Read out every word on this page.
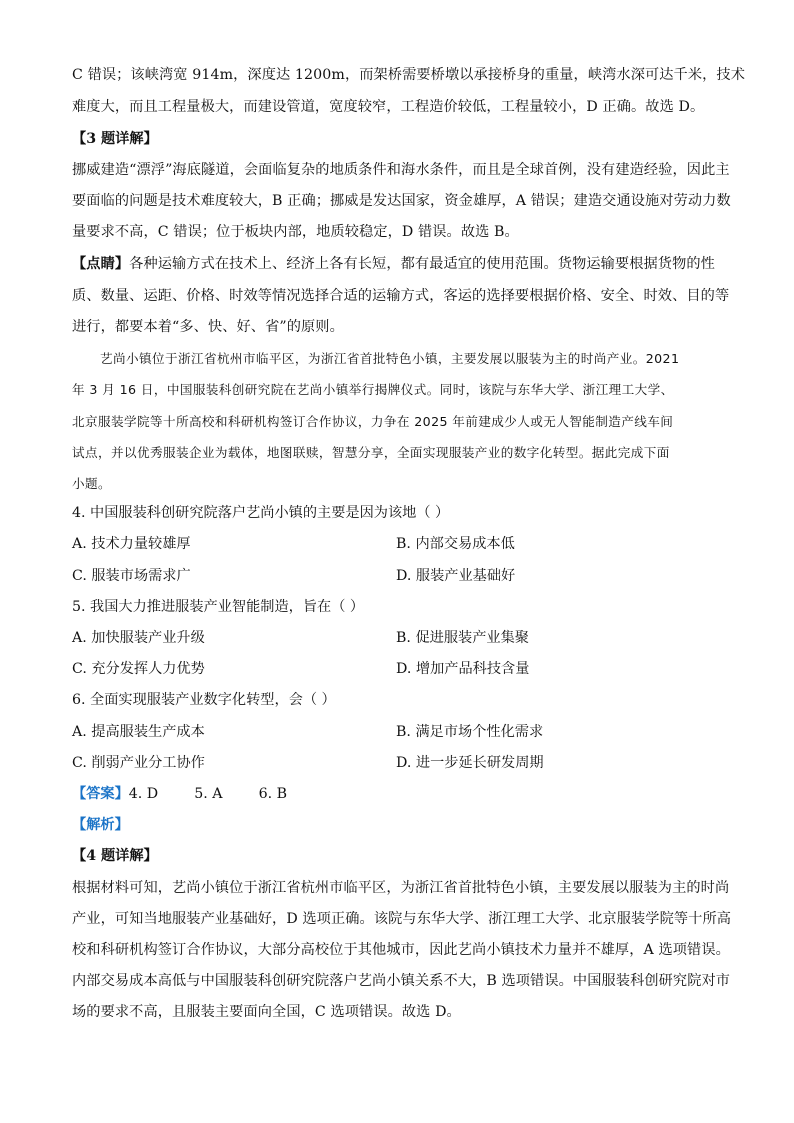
C 错误；该峡湾宽 914m，深度达 1200m，而架桥需要桥墩以承接桥身的重量，峡湾水深可达千米，技术
难度大，而且工程量极大，而建设管道，宽度较窄，工程造价较低，工程量较小，D 正确。故选 D。
【3 题详解】
挪威建造“漂浮”海底隧道，会面临复杂的地质条件和海水条件，而且是全球首例，没有建造经验，因此主
要面临的问题是技术难度较大，B 正确；挪威是发达国家，资金雄厚，A 错误；建造交通设施对劳动力数
量要求不高，C 错误；位于板块内部，地质较稳定，D 错误。故选 B。
【点睛】各种运输方式在技术上、经济上各有长短，都有最适宜的使用范围。货物运输要根据货物的性
质、数量、运距、价格、时效等情况选择合适的运输方式，客运的选择要根据价格、安全、时效、目的等
进行，都要本着“多、快、好、省”的原则。
艺尚小镇位于浙江省杭州市临平区，为浙江省首批特色小镇，主要发展以服装为主的时尚产业。2021
年 3 月 16 日，中国服装科创研究院在艺尚小镇举行揭牌仪式。同时，该院与东华大学、浙江理工大学、
北京服装学院等十所高校和科研机构签订合作协议，力争在 2025 年前建成少人或无人智能制造产线车间
试点，并以优秀服装企业为载体，地图联赎，智慧分享，全面实现服装产业的数字化转型。据此完成下面
小题。
4. 中国服装科创研究院落户艺尚小镇的主要是因为该地（ ）
A. 技术力量较雄厚	B. 内部交易成本低
C. 服装市场需求广	D. 服装产业基础好
5. 我国大力推进服装产业智能制造，旨在（ ）
A. 加快服装产业升级	B. 促进服装产业集聚
C. 充分发挥人力优势	D. 增加产品科技含量
6. 全面实现服装产业数字化转型，会（ ）
A. 提高服装生产成本	B. 满足市场个性化需求
C. 削弱产业分工协作	D. 进一步延长研发周期
【答案】4. D        5. A        6. B
【解析】
【4 题详解】
根据材料可知，艺尚小镇位于浙江省杭州市临平区，为浙江省首批特色小镇，主要发展以服装为主的时尚
产业，可知当地服装产业基础好，D 选项正确。该院与东华大学、浙江理工大学、北京服装学院等十所高
校和科研机构签订合作协议，大部分高校位于其他城市，因此艺尚小镇技术力量并不雄厚，A 选项错误。
内部交易成本高低与中国服装科创研究院落户艺尚小镇关系不大，B 选项错误。中国服装科创研究院对市
场的要求不高，且服装主要面向全国，C 选项错误。故选 D。
